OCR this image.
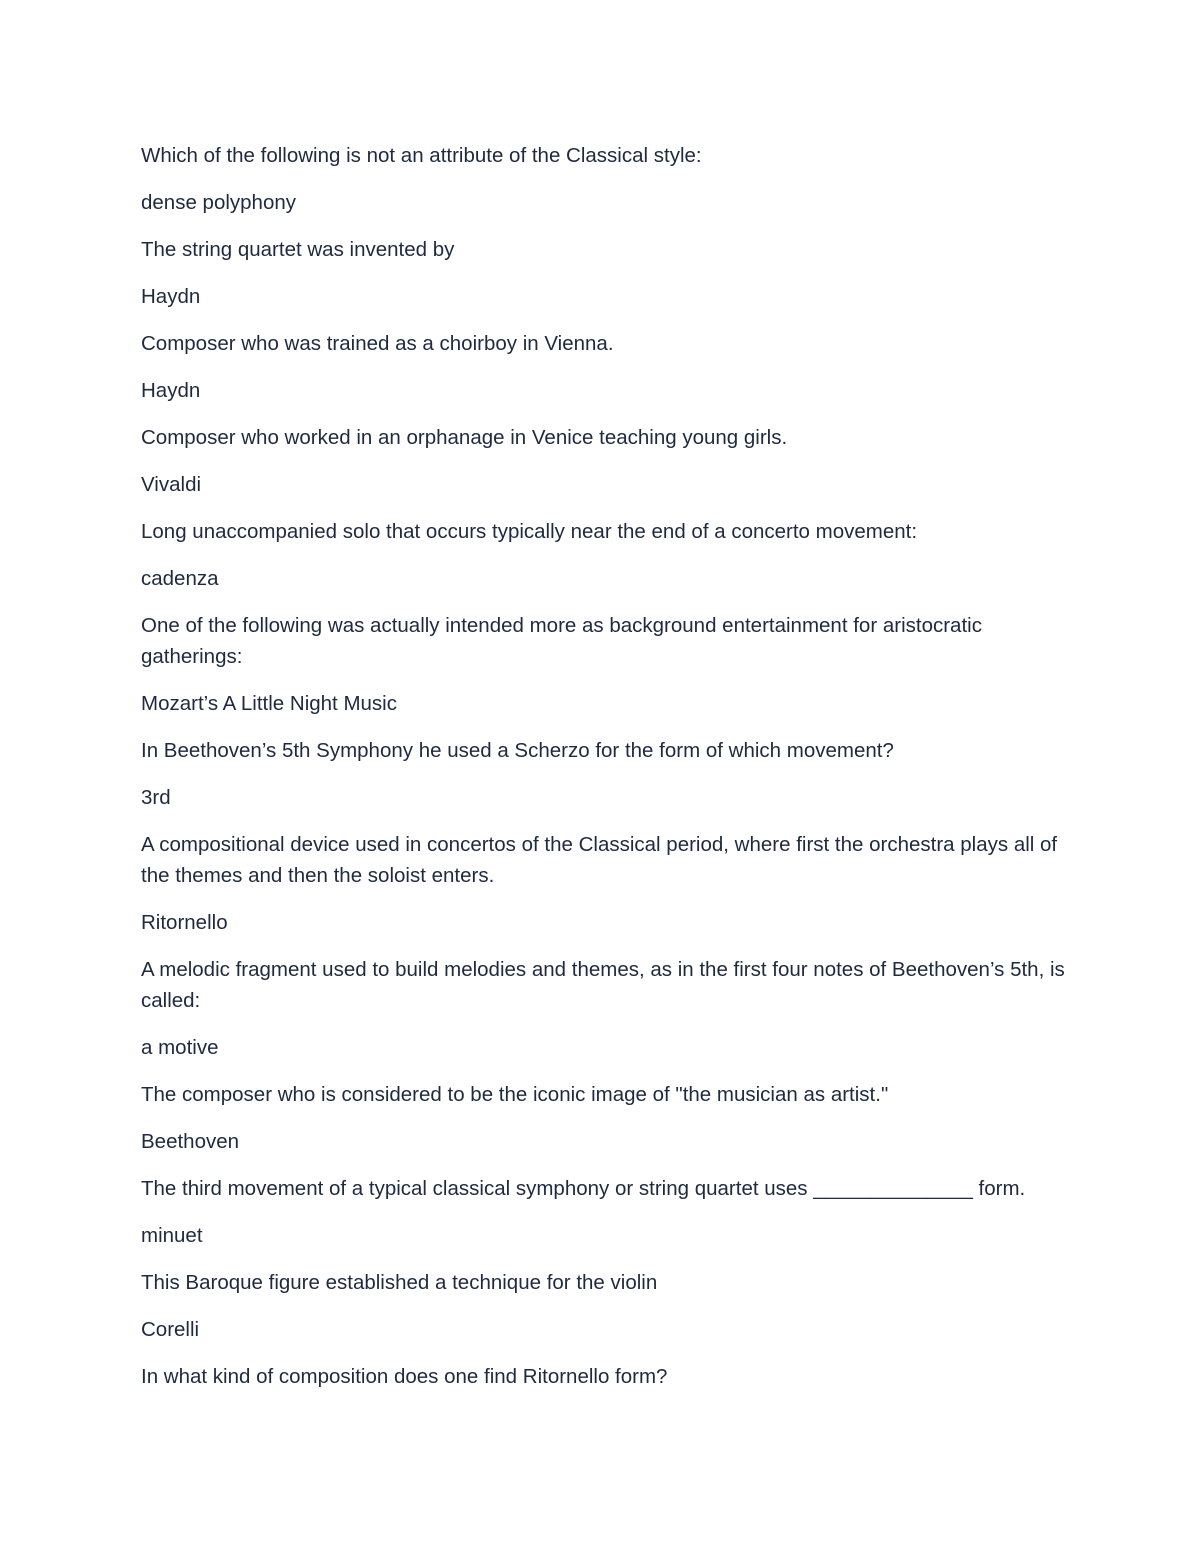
Which of the following is not an attribute of the Classical style:

dense polyphony

The string quartet was invented by

Haydn

Composer who was trained as a choirboy in Vienna.

Haydn

Composer who worked in an orphanage in Venice teaching young girls.

Vivaldi

Long unaccompanied solo that occurs typically near the end of a concerto movement:

cadenza

One of the following was actually intended more as background entertainment for aristocratic gatherings:

Mozart’s A Little Night Music

In Beethoven’s 5th Symphony he used a Scherzo for the form of which movement?

3rd

A compositional device used in concertos of the Classical period, where first the orchestra plays all of the themes and then the soloist enters.

Ritornello

A melodic fragment used to build melodies and themes, as in the first four notes of Beethoven’s 5th, is called:

a motive

The composer who is considered to be the iconic image of "the musician as artist."

Beethoven

The third movement of a typical classical symphony or string quartet uses ______________ form.

minuet

This Baroque figure established a technique for the violin

Corelli

In what kind of composition does one find Ritornello form?
